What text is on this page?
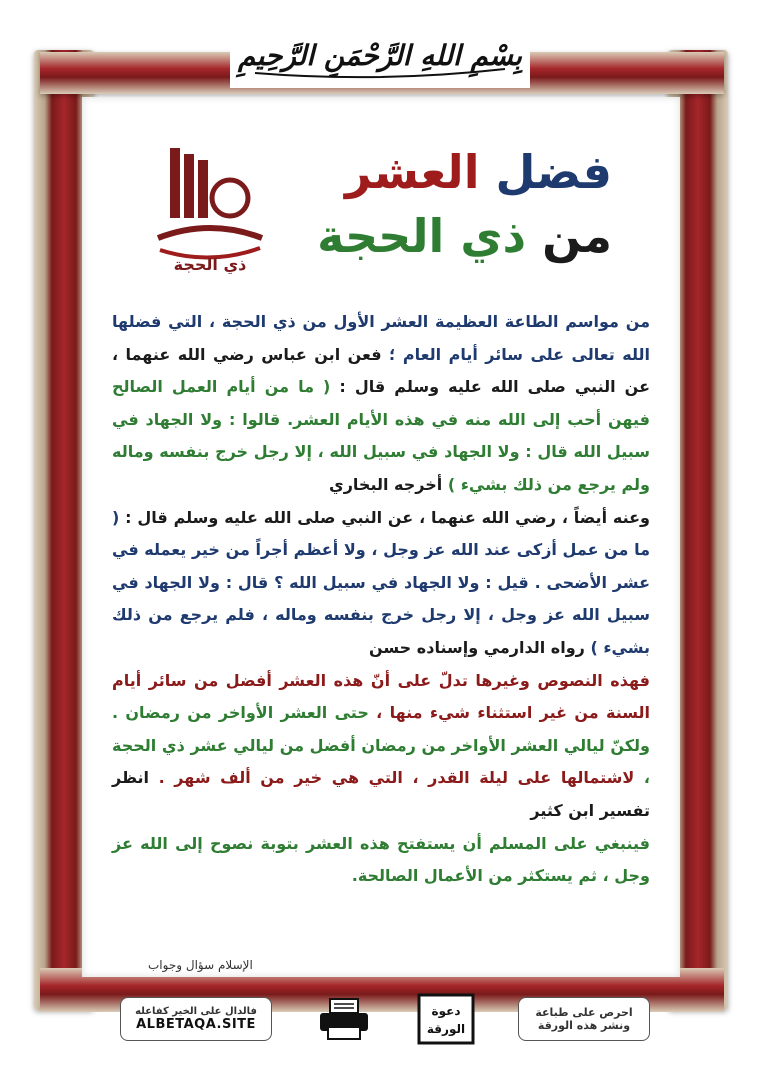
بِسْمِ اللهِ الرَّحْمَنِ الرَّحِيمِ
فضل العشر
من ذي الحجة
ذي الحجة
من مواسم الطاعة العظيمة العشر الأول من ذي الحجة ، التي فضلها الله تعالى على سائر أيام العام ؛ فعن ابن عباس رضي الله عنهما ، عن النبي صلى الله عليه وسلم قال : ( ما من أيام العمل الصالح فيهن أحب إلى الله منه في هذه الأيام العشر. قالوا : ولا الجهاد في سبيل الله قال : ولا الجهاد في سبيل الله ، إلا رجل خرج بنفسه وماله ولم يرجع من ذلك بشيء ) أخرجه البخاري
وعنه أيضاً ، رضي الله عنهما ، عن النبي صلى الله عليه وسلم قال : ( ما من عمل أزكى عند الله عز وجل ، ولا أعظم أجراً من خير يعمله في عشر الأضحى . قيل : ولا الجهاد في سبيل الله ؟ قال : ولا الجهاد في سبيل الله عز وجل ، إلا رجل خرج بنفسه وماله ، فلم يرجع من ذلك بشيء ) رواه الدارمي وإسناده حسن
فهذه النصوص وغيرها تدلّ على أنّ هذه العشر أفضل من سائر أيام السنة من غير استثناء شيء منها ، حتى العشر الأواخر من رمضان . ولكنّ ليالي العشر الأواخر من رمضان أفضل من ليالي عشر ذي الحجة ، لاشتمالها على ليلة القدر ، التي هي خير من ألف شهر . انظر تفسير ابن كثير
فينبغي على المسلم أن يستفتح هذه العشر بتوبة نصوح إلى الله عز وجل ، ثم يستكثر من الأعمال الصالحة.
الإسلام سؤال وجواب
فالدال على الخير كفاعله
ALBETAQA.SITE
دعوة
الورقة
احرص على طباعة
ونشر هذه الورقة
